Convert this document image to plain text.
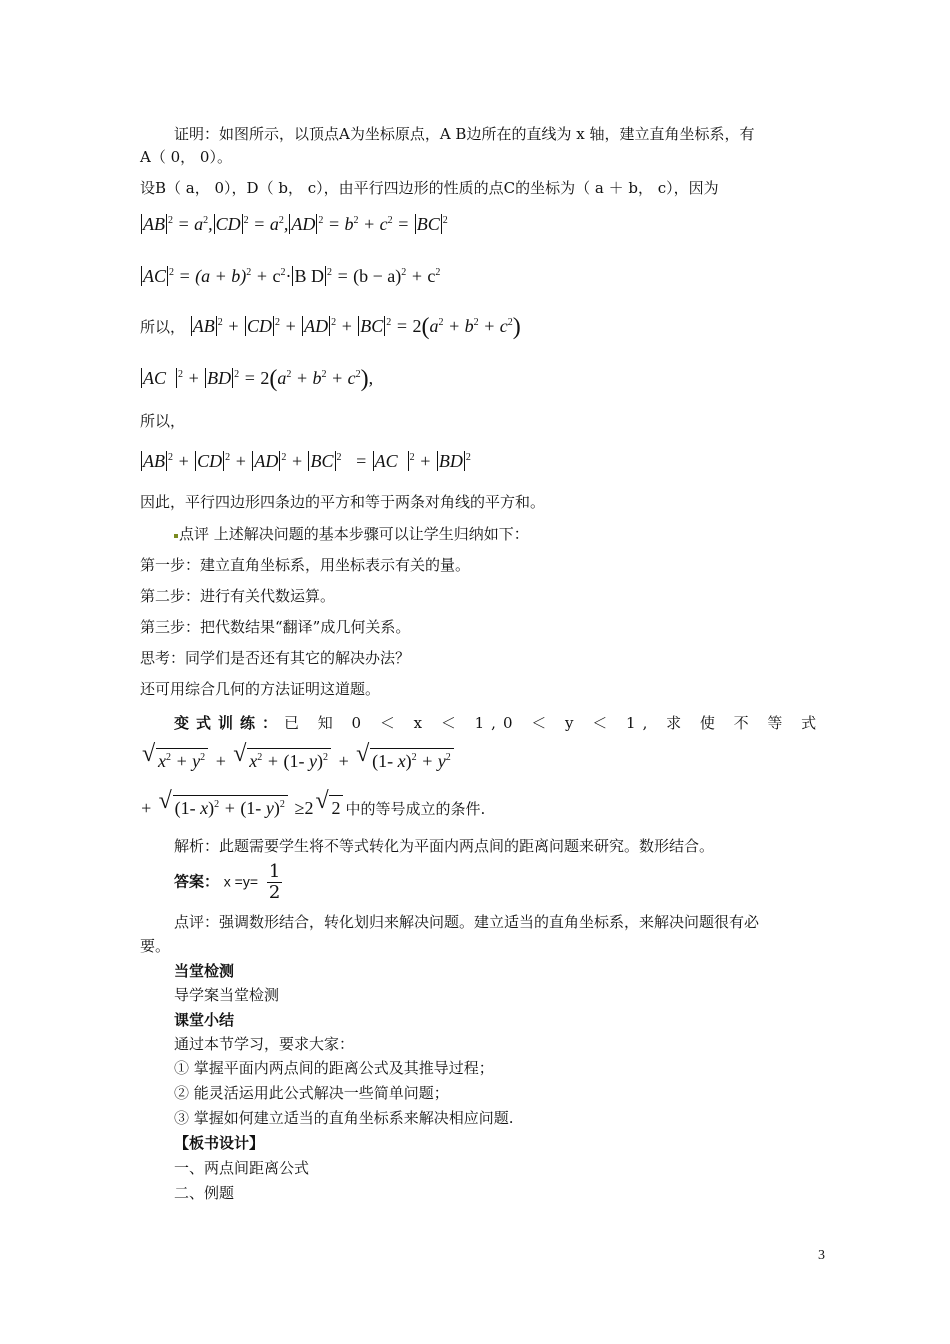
证明：如图所示，以顶点A为坐标原点，A B边所在的直线为 x 轴，建立直角坐标系，有
A（ 0， 0）。
设B（ a， 0），D（ b， c），由平行四边形的性质的点C的坐标为（ a ＋ b， c），因为
AB $^2 = a^2$, CD $^2 = a^2$, AD $^2 = b^2 + c^2$ = BC $^2$
AC $^2 = (a + b)^2 + c^2\cdot B$ D $^2 = (b - a)^2 + c^2$
所以， AB $^2$ + CD $^2$ + AD $^2$ + BC $^2 = 2(a^2 + b^2 + c^2)$
AC  $^2$ + BD $^2 = 2(a^2 + b^2 + c^2)$,
所以，
AB $^2$ + CD $^2$ + AD $^2$ + BC $^2$   = AC  $^2$ + BD $^2$
因此，平行四边形四条边的平方和等于两条对角线的平方和。
点评 上述解决问题的基本步骤可以让学生归纳如下：
第一步：建立直角坐标系，用坐标表示有关的量。
第二步：进行有关代数运算。
第三步：把代数结果“翻译”成几何关系。
思考：同学们是否还有其它的解决办法？
还可用综合几何的方法证明这道题。
变式训练： 已 知 0 ＜ x ＜ 1,0 ＜ y ＜ 1, 求 使 不 等 式
√ $x^2 + y^2$ + √ $x^2 + (1-$ y)$^2$ + √ (1- $x)^2 + y^2$
+ √ (1- x)$^2$ + (1- y)$^2$ ≥2√ 2 中的等号成立的条件.
解析：此题需要学生将不等式转化为平面内两点间的距离问题来研究。数形结合。
答案： $x =y= \frac{1}{2}$
点评：强调数形结合，转化划归来解决问题。建立适当的直角坐标系，来解决问题很有必
要。
当堂检测
导学案当堂检测
课堂小结
通过本节学习，要求大家：
① 掌握平面内两点间的距离公式及其推导过程；
② 能灵活运用此公式解决一些简单问题；
③ 掌握如何建立适当的直角坐标系来解决相应问题.
【板书设计】
一、两点间距离公式
二、例题
3
